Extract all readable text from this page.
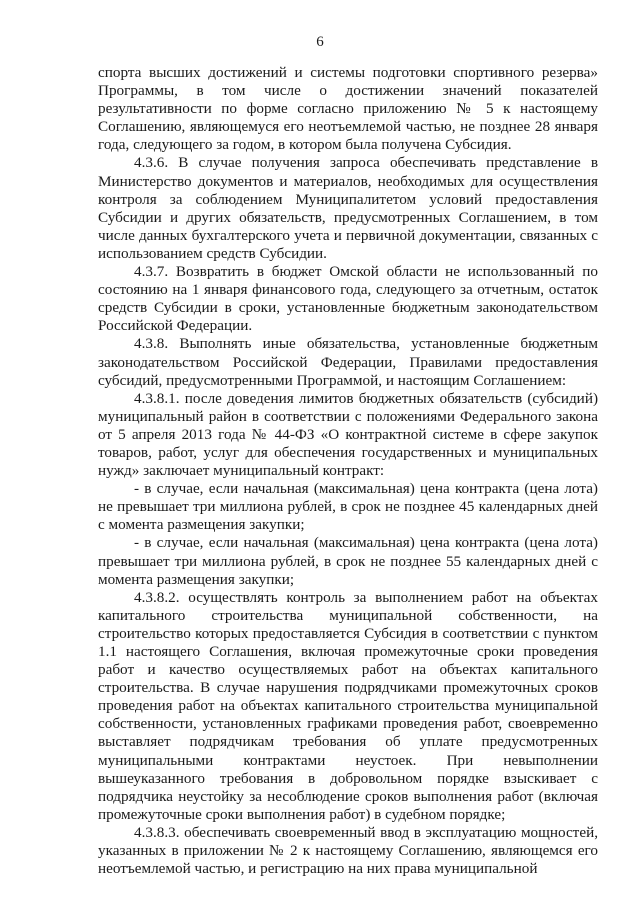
6

спорта высших достижений и системы подготовки спортивного резерва» Программы, в том числе о достижении значений показателей результативности по форме согласно приложению № 5 к настоящему Соглашению, являющемуся его неотъемлемой частью, не позднее 28 января года, следующего за годом, в котором была получена Субсидия.

4.3.6. В случае получения запроса обеспечивать представление в Министерство документов и материалов, необходимых для осуществления контроля за соблюдением Муниципалитетом условий предоставления Субсидии и других обязательств, предусмотренных Соглашением, в том числе данных бухгалтерского учета и первичной документации, связанных с использованием средств Субсидии.

4.3.7. Возвратить в бюджет Омской области не использованный по состоянию на 1 января финансового года, следующего за отчетным, остаток средств Субсидии в сроки, установленные бюджетным законодательством Российской Федерации.

4.3.8. Выполнять иные обязательства, установленные бюджетным законодательством Российской Федерации, Правилами предоставления субсидий, предусмотренными Программой, и настоящим Соглашением:

4.3.8.1. после доведения лимитов бюджетных обязательств (субсидий) муниципальный район в соответствии с положениями Федерального закона от 5 апреля 2013 года № 44-ФЗ «О контрактной системе в сфере закупок товаров, работ, услуг для обеспечения государственных и муниципальных нужд» заключает муниципальный контракт:

- в случае, если начальная (максимальная) цена контракта (цена лота) не превышает три миллиона рублей, в срок не позднее 45 календарных дней с момента размещения закупки;

- в случае, если начальная (максимальная) цена контракта (цена лота) превышает три миллиона рублей, в срок не позднее 55 календарных дней с момента размещения закупки;

4.3.8.2. осуществлять контроль за выполнением работ на объектах капитального строительства муниципальной собственности, на строительство которых предоставляется Субсидия в соответствии с пунктом 1.1 настоящего Соглашения, включая промежуточные сроки проведения работ и качество осуществляемых работ на объектах капитального строительства. В случае нарушения подрядчиками промежуточных сроков проведения работ на объектах капитального строительства муниципальной собственности, установленных графиками проведения работ, своевременно выставляет подрядчикам требования об уплате предусмотренных муниципальными контрактами неустоек. При невыполнении вышеуказанного требования в добровольном порядке взыскивает с подрядчика неустойку за несоблюдение сроков выполнения работ (включая промежуточные сроки выполнения работ) в судебном порядке;

4.3.8.3. обеспечивать своевременный ввод в эксплуатацию мощностей, указанных в приложении № 2 к настоящему Соглашению, являющемся его неотъемлемой частью, и регистрацию на них права муниципальной
